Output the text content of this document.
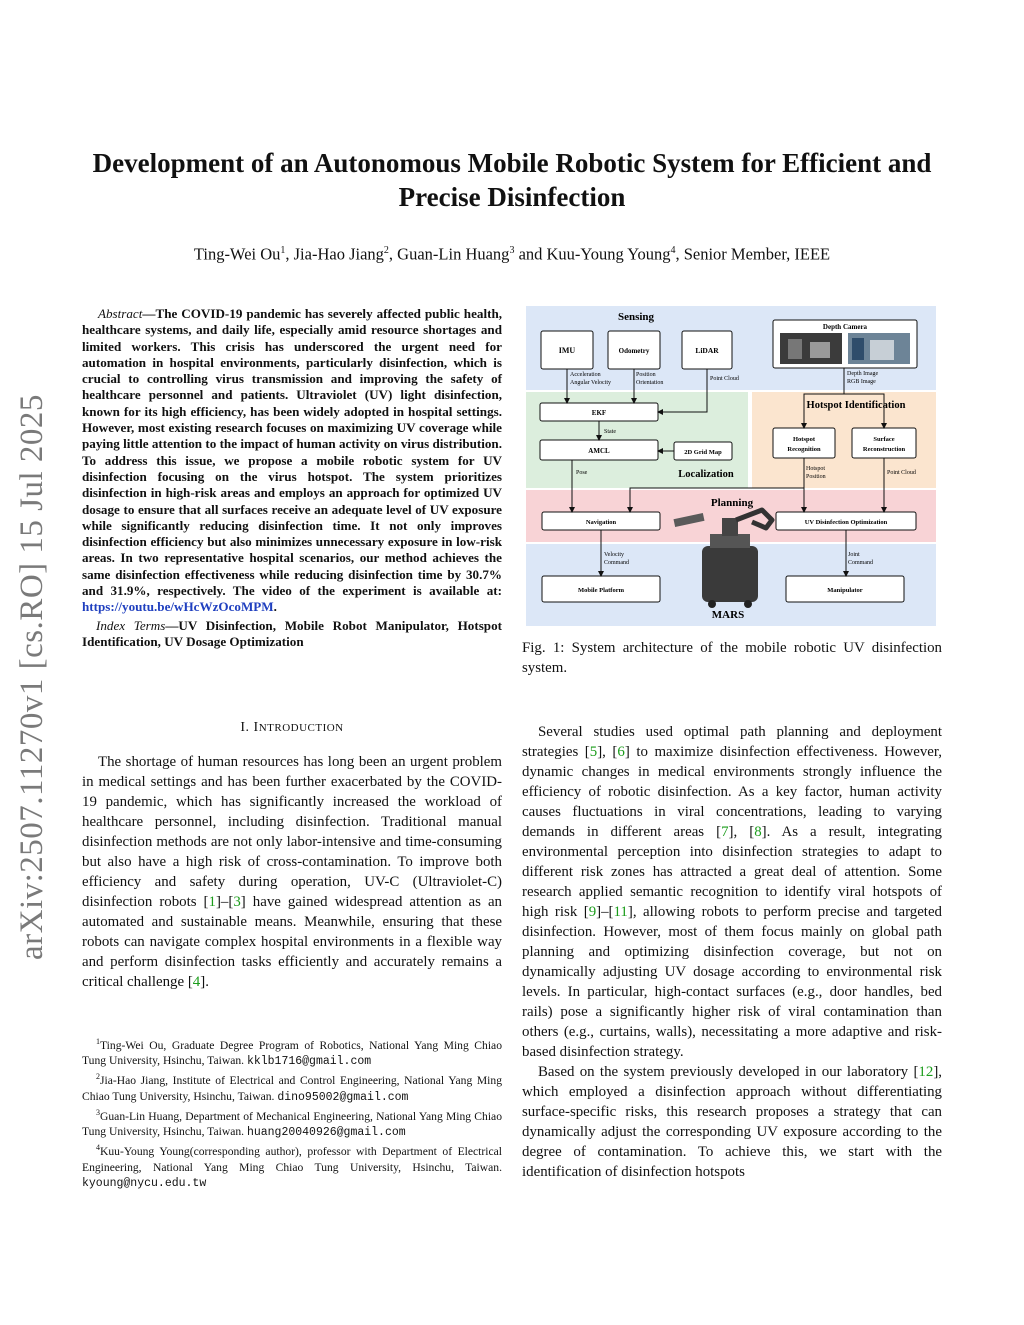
arXiv:2507.11270v1 [cs.RO] 15 Jul 2025
Development of an Autonomous Mobile Robotic System for Efficient and Precise Disinfection
Ting-Wei Ou$^1$, Jia-Hao Jiang$^2$, Guan-Lin Huang$^3$ and Kuu-Young Young$^4$, Senior Member, IEEE

Abstract—The COVID-19 pandemic has severely affected public health, healthcare systems, and daily life, especially amid resource shortages and limited workers. This crisis has underscored the urgent need for automation in hospital environments, particularly disinfection, which is crucial to controlling virus transmission and improving the safety of healthcare personnel and patients. Ultraviolet (UV) light disinfection, known for its high efficiency, has been widely adopted in hospital settings. However, most existing research focuses on maximizing UV coverage while paying little attention to the impact of human activity on virus distribution. To address this issue, we propose a mobile robotic system for UV disinfection focusing on the virus hotspot. The system prioritizes disinfection in high-risk areas and employs an approach for optimized UV dosage to ensure that all surfaces receive an adequate level of UV exposure while significantly reducing disinfection time. It not only improves disinfection efficiency but also minimizes unnecessary exposure in low-risk areas. In two representative hospital scenarios, our method achieves the same disinfection effectiveness while reducing disinfection time by 30.7% and 31.9%, respectively. The video of the experiment is available at: https://youtu.be/wHcWzOcoMPM.

Index Terms—UV Disinfection, Mobile Robot Manipulator, Hotspot Identification, UV Dosage Optimization

I. INTRODUCTION

The shortage of human resources has long been an urgent problem in medical settings and has been further exacerbated by the COVID-19 pandemic, which has significantly increased the workload of healthcare personnel, including disinfection. Traditional manual disinfection methods are not only labor-intensive and time-consuming but also have a high risk of cross-contamination. To improve both efficiency and safety during operation, UV-C (Ultraviolet-C) disinfection robots [1]–[3] have gained widespread attention as an automated and sustainable means. Meanwhile, ensuring that these robots can navigate complex hospital environments in a flexible way and perform disinfection tasks efficiently and accurately remains a critical challenge [4].

$^1$Ting-Wei Ou, Graduate Degree Program of Robotics, National Yang Ming Chiao Tung University, Hsinchu, Taiwan. kklb1716@gmail.com

$^2$Jia-Hao Jiang, Institute of Electrical and Control Engineering, National Yang Ming Chiao Tung University, Hsinchu, Taiwan. dino95002@gmail.com

$^3$Guan-Lin Huang, Department of Mechanical Engineering, National Yang Ming Chiao Tung University, Hsinchu, Taiwan. huang20040926@gmail.com

$^4$Kuu-Young Young(corresponding author), professor with Department of Electrical Engineering, National Yang Ming Chiao Tung University, Hsinchu, Taiwan. kyoung@nycu.edu.tw

Sensing
Hotspot Identification
Localization
Planning
MARS
IMU	Odometry	LiDAR
Depth Camera
Acceleration
Angular Velocity
Position
Orientation
Point Cloud
Depth Image
RGB Image
EKF
State
AMCL	2D Grid Map
Pose
Hotspot
Recognition
Surface
Reconstruction
Hotspot
Position
Point Cloud
Navigation	UV Disinfection Optimization
Velocity
Command
Joint
Command
Mobile Platform	Manipulator
Fig. 1: System architecture of the mobile robotic UV disinfection system.

Several studies used optimal path planning and deployment strategies [5], [6] to maximize disinfection effectiveness. However, dynamic changes in medical environments strongly influence the efficiency of robotic disinfection. As a key factor, human activity causes fluctuations in viral concentrations, leading to varying demands in different areas [7], [8]. As a result, integrating environmental perception into disinfection strategies to adapt to different risk zones has attracted a great deal of attention. Some research applied semantic recognition to identify viral hotspots of high risk [9]–[11], allowing robots to perform precise and targeted disinfection. However, most of them focus mainly on global path planning and optimizing disinfection coverage, but not on dynamically adjusting UV dosage according to environmental risk levels. In particular, high-contact surfaces (e.g., door handles, bed rails) pose a significantly higher risk of viral contamination than others (e.g., curtains, walls), necessitating a more adaptive and risk-based disinfection strategy.

Based on the system previously developed in our laboratory [12], which employed a disinfection approach without differentiating surface-specific risks, this research proposes a strategy that can dynamically adjust the corresponding UV exposure according to the degree of contamination. To achieve this, we start with the identification of disinfection hotspots
